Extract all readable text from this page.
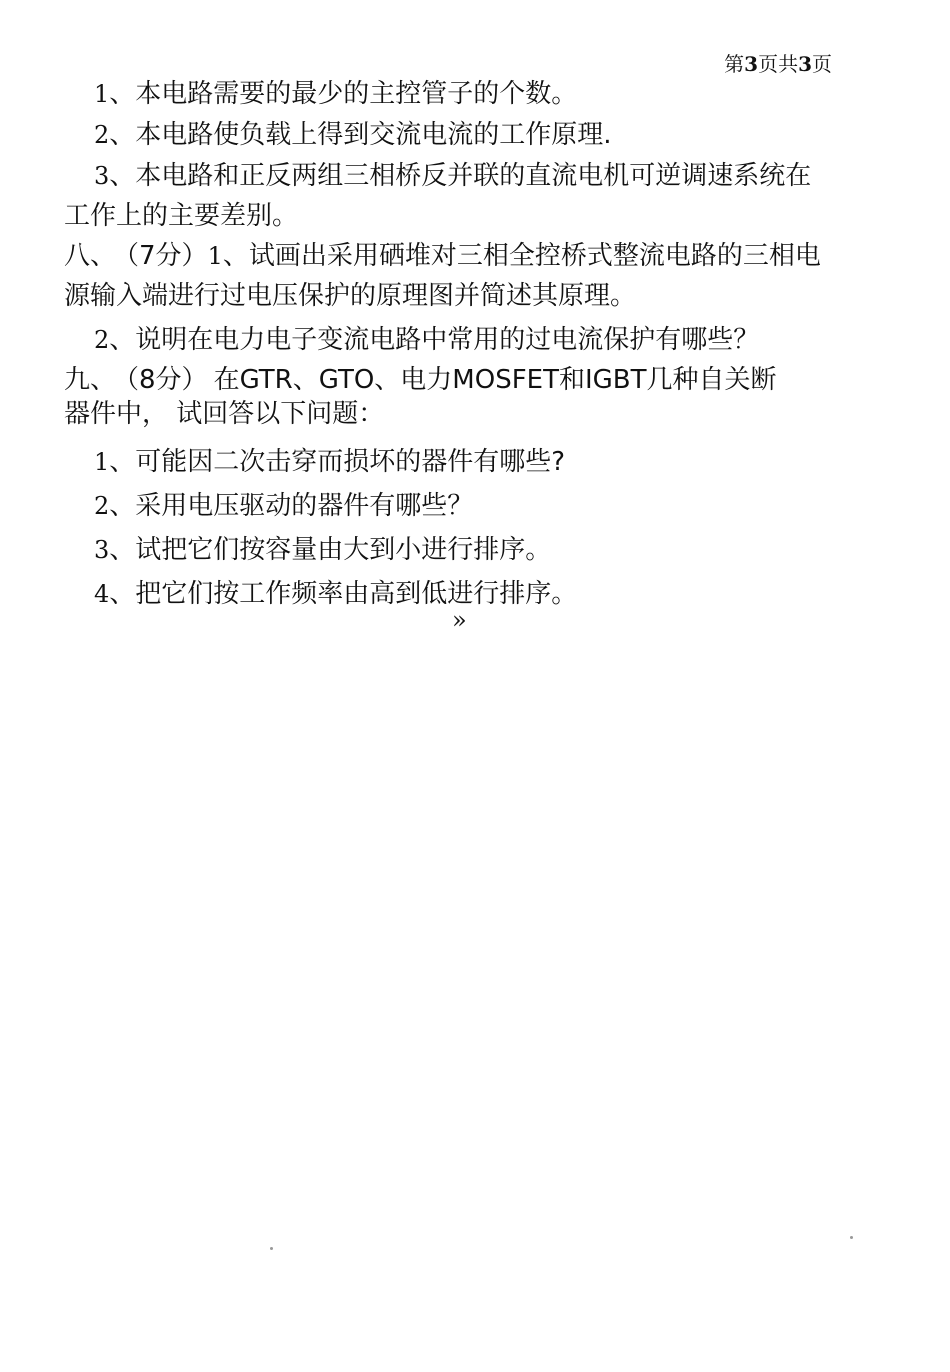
第3页共3页

1、本电路需要的最少的主控管子的个数。

2、本电路使负载上得到交流电流的工作原理.

3、本电路和正反两组三相桥反并联的直流电机可逆调速系统在

工作上的主要差别。

八、 （7分）1、试画出采用硒堆对三相全控桥式整流电路的三相电

源输入端进行过电压保护的原理图并简述其原理。

2、说明在电力电子变流电路中常用的过电流保护有哪些？

九、 （8分） 在GTR、GTO、电力MOSFET和IGBT几种自关断

器件中， 试回答以下问题：

1、可能因二次击穿而损坏的器件有哪些?

2、采用电压驱动的器件有哪些？

3、试把它们按容量由大到小进行排序。

4、把它们按工作频率由高到低进行排序。

»
